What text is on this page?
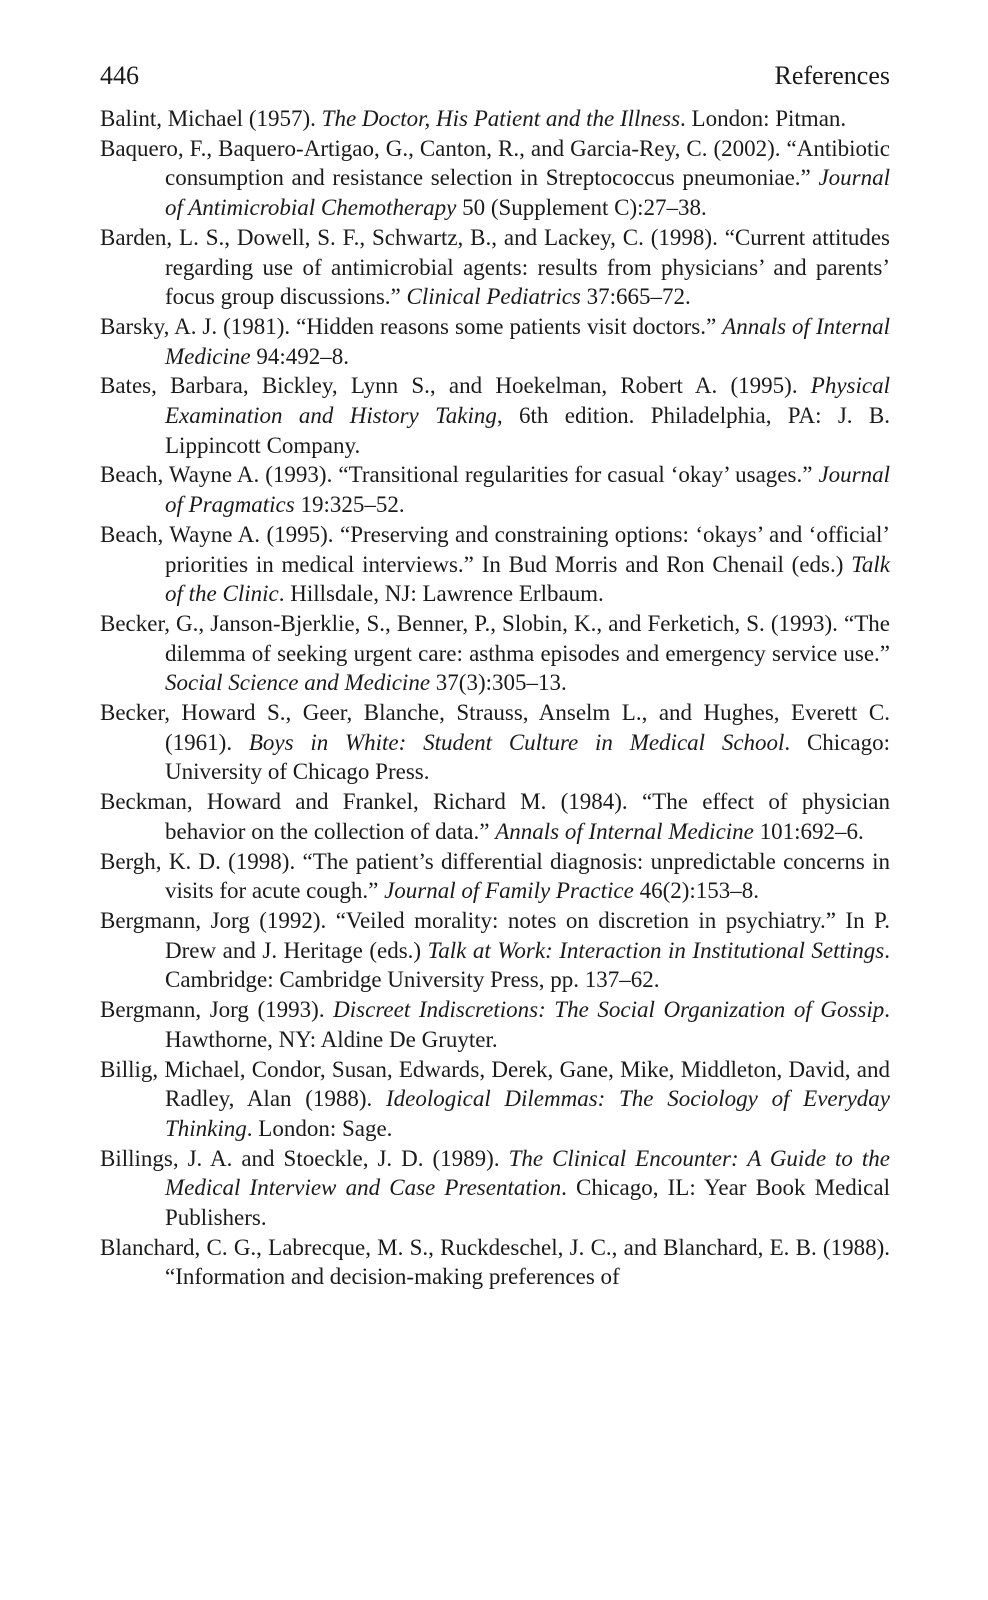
446	References

Balint, Michael (1957). The Doctor, His Patient and the Illness. London: Pitman.

Baquero, F., Baquero-Artigao, G., Canton, R., and Garcia-Rey, C. (2002). “Antibiotic consumption and resistance selection in Streptococcus pneumoniae.” Journal of Antimicrobial Chemotherapy 50 (Supplement C):27–38.

Barden, L. S., Dowell, S. F., Schwartz, B., and Lackey, C. (1998). “Current attitudes regarding use of antimicrobial agents: results from physicians’ and parents’ focus group discussions.” Clinical Pediatrics 37:665–72.

Barsky, A. J. (1981). “Hidden reasons some patients visit doctors.” Annals of Internal Medicine 94:492–8.

Bates, Barbara, Bickley, Lynn S., and Hoekelman, Robert A. (1995). Physical Examination and History Taking, 6th edition. Philadelphia, PA: J. B. Lippincott Company.

Beach, Wayne A. (1993). “Transitional regularities for casual ‘okay’ usages.” Journal of Pragmatics 19:325–52.

Beach, Wayne A. (1995). “Preserving and constraining options: ‘okays’ and ‘official’ priorities in medical interviews.” In Bud Morris and Ron Chenail (eds.) Talk of the Clinic. Hillsdale, NJ: Lawrence Erlbaum.

Becker, G., Janson-Bjerklie, S., Benner, P., Slobin, K., and Ferketich, S. (1993). “The dilemma of seeking urgent care: asthma episodes and emergency service use.” Social Science and Medicine 37(3):305–13.

Becker, Howard S., Geer, Blanche, Strauss, Anselm L., and Hughes, Everett C. (1961). Boys in White: Student Culture in Medical School. Chicago: University of Chicago Press.

Beckman, Howard and Frankel, Richard M. (1984). “The effect of physician behavior on the collection of data.” Annals of Internal Medicine 101:692–6.

Bergh, K. D. (1998). “The patient’s differential diagnosis: unpredictable concerns in visits for acute cough.” Journal of Family Practice 46(2):153–8.

Bergmann, Jorg (1992). “Veiled morality: notes on discretion in psychiatry.” In P. Drew and J. Heritage (eds.) Talk at Work: Interaction in Institutional Settings. Cambridge: Cambridge University Press, pp. 137–62.

Bergmann, Jorg (1993). Discreet Indiscretions: The Social Organization of Gossip. Hawthorne, NY: Aldine De Gruyter.

Billig, Michael, Condor, Susan, Edwards, Derek, Gane, Mike, Middleton, David, and Radley, Alan (1988). Ideological Dilemmas: The Sociology of Everyday Thinking. London: Sage.

Billings, J. A. and Stoeckle, J. D. (1989). The Clinical Encounter: A Guide to the Medical Interview and Case Presentation. Chicago, IL: Year Book Medical Publishers.

Blanchard, C. G., Labrecque, M. S., Ruckdeschel, J. C., and Blanchard, E. B. (1988). “Information and decision-making preferences of
